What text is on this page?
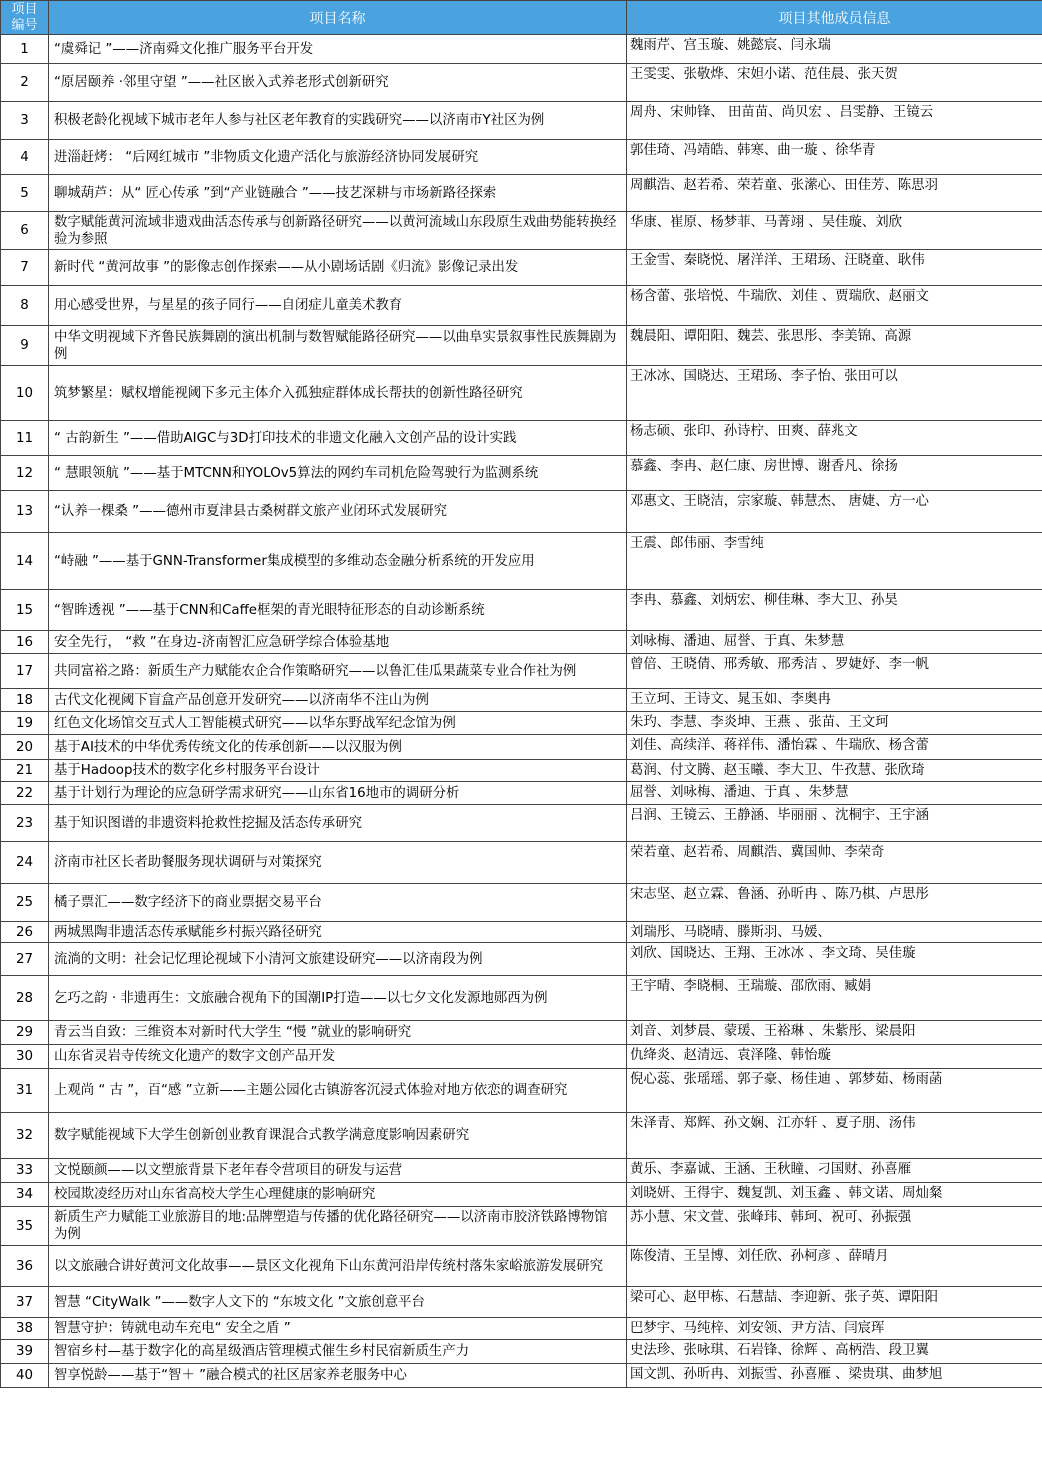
项目
编号	项目名称	项目其他成员信息
1	“虞舜记 ”——济南舜文化推广服务平台开发	魏雨芹、宫玉璇、姚懿宸、闫永瑞
2	“原居颐养 ·邻里守望 ”——社区嵌入式养老形式创新研究	王雯雯、张敬烨、宋妲小诺、范佳晨、张天贺
3	积极老龄化视域下城市老年人参与社区老年教育的实践研究——以济南市Y社区为例	周舟、宋帅锋、 田苗苗、尚贝宏 、吕雯静、王镜云
4	进淄赶烤： “后网红城市 ”非物质文化遗产活化与旅游经济协同发展研究	郭佳琦、冯靖皓、韩寒、曲一璇 、徐华青
5	聊城葫芦：从“ 匠心传承 ”到“产业链融合 ”——技艺深耕与市场新路径探索	周麒浩、赵若希、荣若童、张潆心、田佳芳、陈思羽
6	数字赋能黄河流域非遗戏曲活态传承与创新路径研究——以黄河流域山东段原生戏曲势能转换经验为参照	华康、崔原、杨梦菲、马菁翊 、吴佳璇、刘欣
7	新时代 “黄河故事 ”的影像志创作探索——从小剧场话剧《归流》影像记录出发	王金雪、秦晓悦、屠洋洋、王珺玚、汪晓童、耿伟
8	用心感受世界，与星星的孩子同行——自闭症儿童美术教育	杨含蕾、张培悦、牛瑞欣、刘佳 、贾瑞欣、赵丽文
9	中华文明视域下齐鲁民族舞剧的演出机制与数智赋能路径研究——以曲阜实景叙事性民族舞剧为例	魏晨阳、谭阳阳、魏芸、张思彤、李美锦、高源
10	筑梦繁星：赋权增能视阈下多元主体介入孤独症群体成长帮扶的创新性路径研究	王冰冰、国晓达、王珺玚、李子怡、张田可以
11	“ 古韵新生 ”——借助AIGC与3D打印技术的非遗文化融入文创产品的设计实践	杨志硕、张印、孙诗柠、田爽、薛兆文
12	“ 慧眼领航 ”——基于MTCNN和YOLOv5算法的网约车司机危险驾驶行为监测系统	慕鑫、李冉、赵仁康、房世博、谢香凡、徐扬
13	“认养一棵桑 ”——德州市夏津县古桑树群文旅产业闭环式发展研究	邓惠文、王晓洁，宗家璇、韩慧杰、 唐婕、方一心
14	“峙融 ”——基于GNN-Transformer集成模型的多维动态金融分析系统的开发应用	王震、郎伟丽、李雪纯
15	“智眸透视 ”——基于CNN和Caffe框架的青光眼特征形态的自动诊断系统	李冉、慕鑫、刘炳宏、柳佳琳、李大卫、孙昊
16	安全先行， “救 ”在身边-济南智汇应急研学综合体验基地	刘咏梅、潘迪、屈誉、于真、朱梦慧
17	共同富裕之路：新质生产力赋能农企合作策略研究——以鲁汇佳瓜果蔬菜专业合作社为例	曾倍、王晓倩、邢秀敏、邢秀洁 、罗婕妤、李一帆
18	古代文化视阈下盲盒产品创意开发研究——以济南华不注山为例	王立珂、王诗文、晁玉如、李奥冉
19	红色文化场馆交互式人工智能模式研究——以华东野战军纪念馆为例	朱玓、李慧、李炎坤、王燕 、张苗、王文珂
20	基于AI技术的中华优秀传统文化的传承创新——以汉服为例	刘佳、高续洋、蒋祥伟、潘怡霖 、牛瑞欣、杨含蕾
21	基于Hadoop技术的数字化乡村服务平台设计	葛润、付文腾、赵玉曦、李大卫、牛孜慧、张欣琦
22	基于计划行为理论的应急研学需求研究——山东省16地市的调研分析	屈誉、刘咏梅、潘迪、于真 、朱梦慧
23	基于知识图谱的非遗资料抢救性挖掘及活态传承研究	吕润、王镜云、王静涵、毕丽丽 、沈桐宇、王宇涵
24	济南市社区长者助餐服务现状调研与对策探究	荣若童、赵若希、周麒浩、冀国帅、李荣奇
25	橘子票汇——数字经济下的商业票据交易平台	宋志坚、赵立霖、鲁涵、孙昕冉 、陈乃棋、卢思彤
26	两城黑陶非遗活态传承赋能乡村振兴路径研究	刘瑞彤、马晓晴、滕斯羽、马媛、
27	流淌的文明：社会记忆理论视域下小清河文旅建设研究——以济南段为例	刘欣、国晓达、王翔、王冰冰 、李文琦、吴佳璇
28	乞巧之韵 · 非遗再生：文旅融合视角下的国潮IP打造——以七夕文化发源地郧西为例	王宇晴、李晓桐、王瑞璇、邵欣雨、臧娟
29	青云当自致：三维资本对新时代大学生 “慢 ”就业的影响研究	刘音、刘梦晨、蒙瑗、王裕琳 、朱紫彤、梁晨阳
30	山东省灵岩寺传统文化遗产的数字文创产品开发	仇绛炎、赵清远、袁泽隆、韩怡璇
31	上观尚 “ 古 ”，百“感 ”立新——主题公园化古镇游客沉浸式体验对地方依恋的调查研究	倪心蕊、张瑶瑶、郭子豪、杨佳迪 、郭梦茹、杨雨菡
32	数字赋能视域下大学生创新创业教育课混合式教学满意度影响因素研究	朱泽青、郑辉、孙文娴、江亦轩 、夏子朋、汤伟
33	文悦颐颜——以文塑旅背景下老年春令营项目的研发与运营	黄乐、李嘉诚、王涵、王秋瞳、刁国财、孙喜雁
34	校园欺凌经历对山东省高校大学生心理健康的影响研究	刘晓妍、王得宇、魏复凯、刘玉鑫 、韩文诺、周灿粲
35	新质生产力赋能工业旅游目的地:品牌塑造与传播的优化路径研究——以济南市胶济铁路博物馆为例	苏小慧、宋文萱、张峰玮、韩珂、祝可、孙振强
36	以文旅融合讲好黄河文化故事——景区文化视角下山东黄河沿岸传统村落朱家峪旅游发展研究	陈俊清、王呈博、刘任欣、孙柯彦 、薛晴月
37	智慧 “CityWalk ”——数字人文下的 “东坡文化 ”文旅创意平台	梁可心、赵甲栋、石慧喆、李迎新、张子英、谭阳阳
38	智慧守护：铸就电动车充电“ 安全之盾 ”	巴梦宇、马纯梓、刘安领、尹方洁、闫宸珲
39	智宿乡村—基于数字化的高星级酒店管理模式催生乡村民宿新质生产力	史法珍、张咏琪、石岩锋、徐辉 、高柄浩、段卫翼
40	智享悦龄——基于“智＋ ”融合模式的社区居家养老服务中心	国文凯、孙昕冉、刘振雪、孙喜雁 、梁贵琪、曲梦旭
